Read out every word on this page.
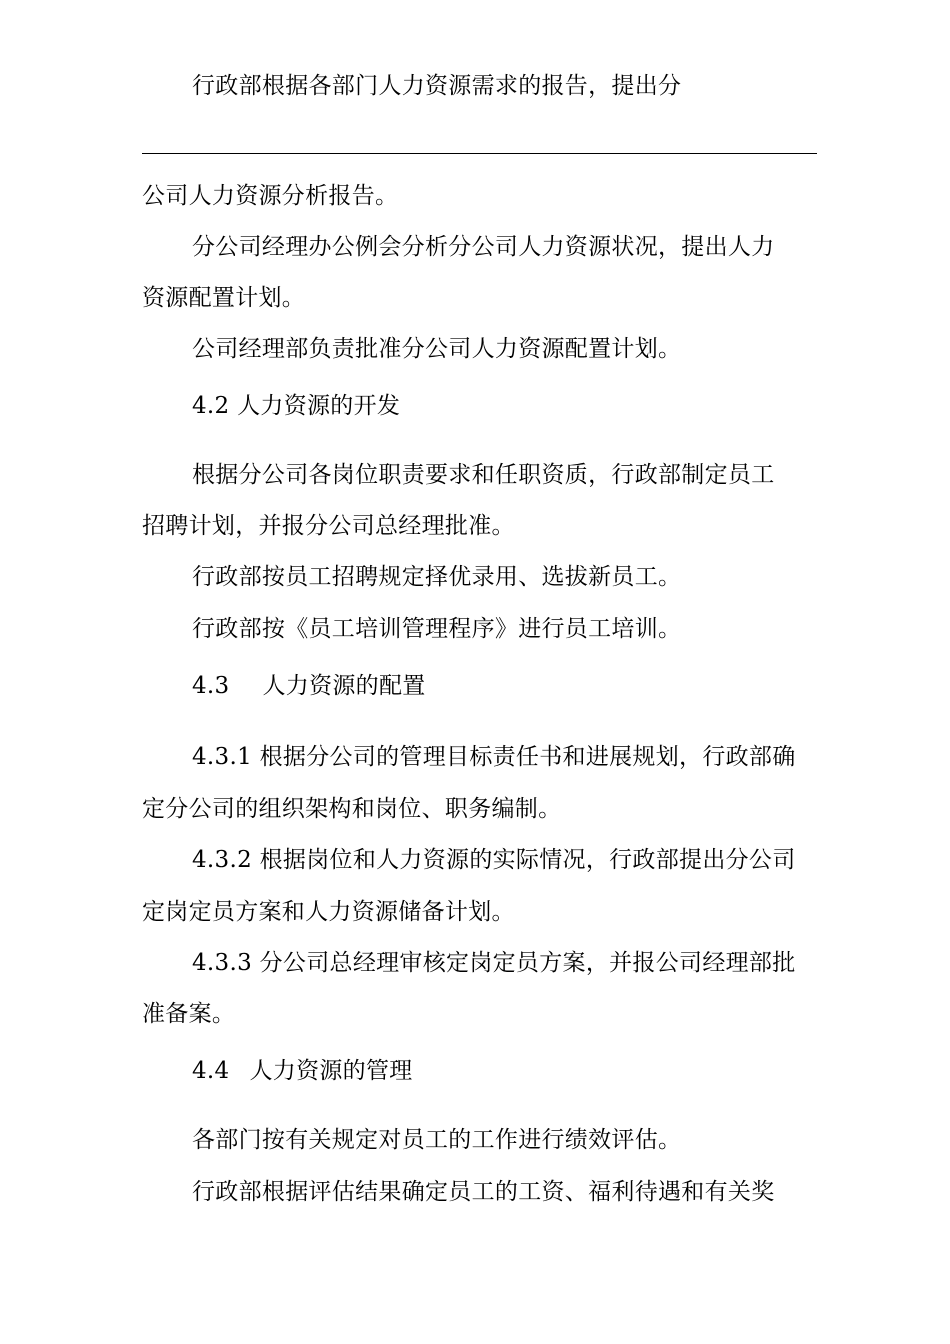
行政部根据各部门人力资源需求的报告，提出分
公司人力资源分析报告。
分公司经理办公例会分析分公司人力资源状况，提出人力
资源配置计划。
公司经理部负责批准分公司人力资源配置计划。
4.2 人力资源的开发
根据分公司各岗位职责要求和任职资质，行政部制定员工
招聘计划，并报分公司总经理批准。
行政部按员工招聘规定择优录用、选拔新员工。
行政部按《员工培训管理程序》进行员工培训。
4.3 人力资源的配置
4.3.1 根据分公司的管理目标责任书和进展规划，行政部确
定分公司的组织架构和岗位、职务编制。
4.3.2 根据岗位和人力资源的实际情况，行政部提出分公司
定岗定员方案和人力资源储备计划。
4.3.3 分公司总经理审核定岗定员方案，并报公司经理部批
准备案。
4.4 人力资源的管理
各部门按有关规定对员工的工作进行绩效评估。
行政部根据评估结果确定员工的工资、福利待遇和有关奖
